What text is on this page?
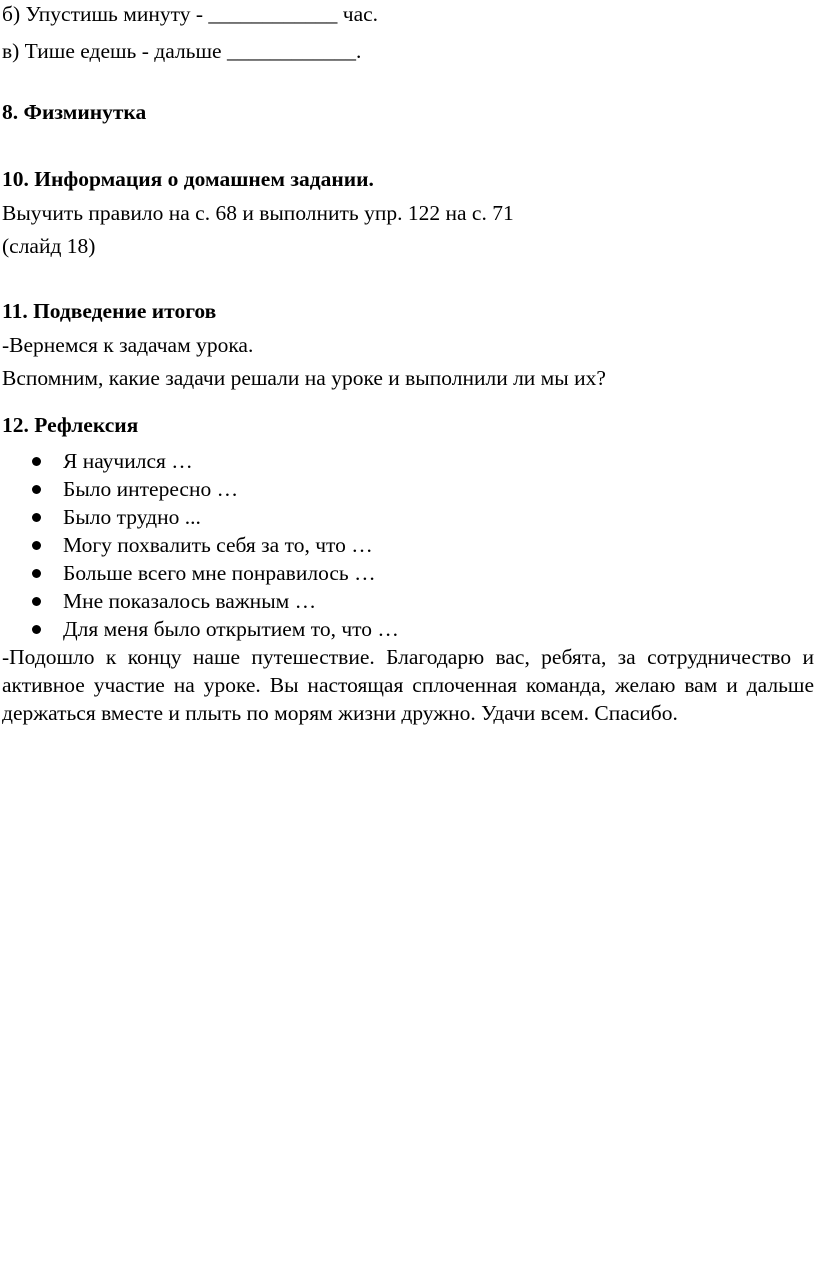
б) Упустишь минуту - ____________ час.
в) Тише едешь - дальше ____________.
8. Физминутка
10. Информация о домашнем задании.
Выучить правило на с. 68 и выполнить упр. 122 на с. 71
(слайд 18)
11. Подведение итогов
-Вернемся к задачам урока.
Вспомним, какие задачи решали на уроке и выполнили ли мы их?
12. Рефлексия
Я научился …
Было интересно …
Было трудно ...
Могу похвалить себя за то, что …
Больше всего мне понравилось …
Мне показалось важным …
Для меня было открытием то, что …
-Подошло к концу наше путешествие. Благодарю вас, ребята, за сотрудничество и активное участие на уроке. Вы настоящая сплоченная команда, желаю вам и дальше держаться вместе и плыть по морям жизни дружно. Удачи всем. Спасибо.
